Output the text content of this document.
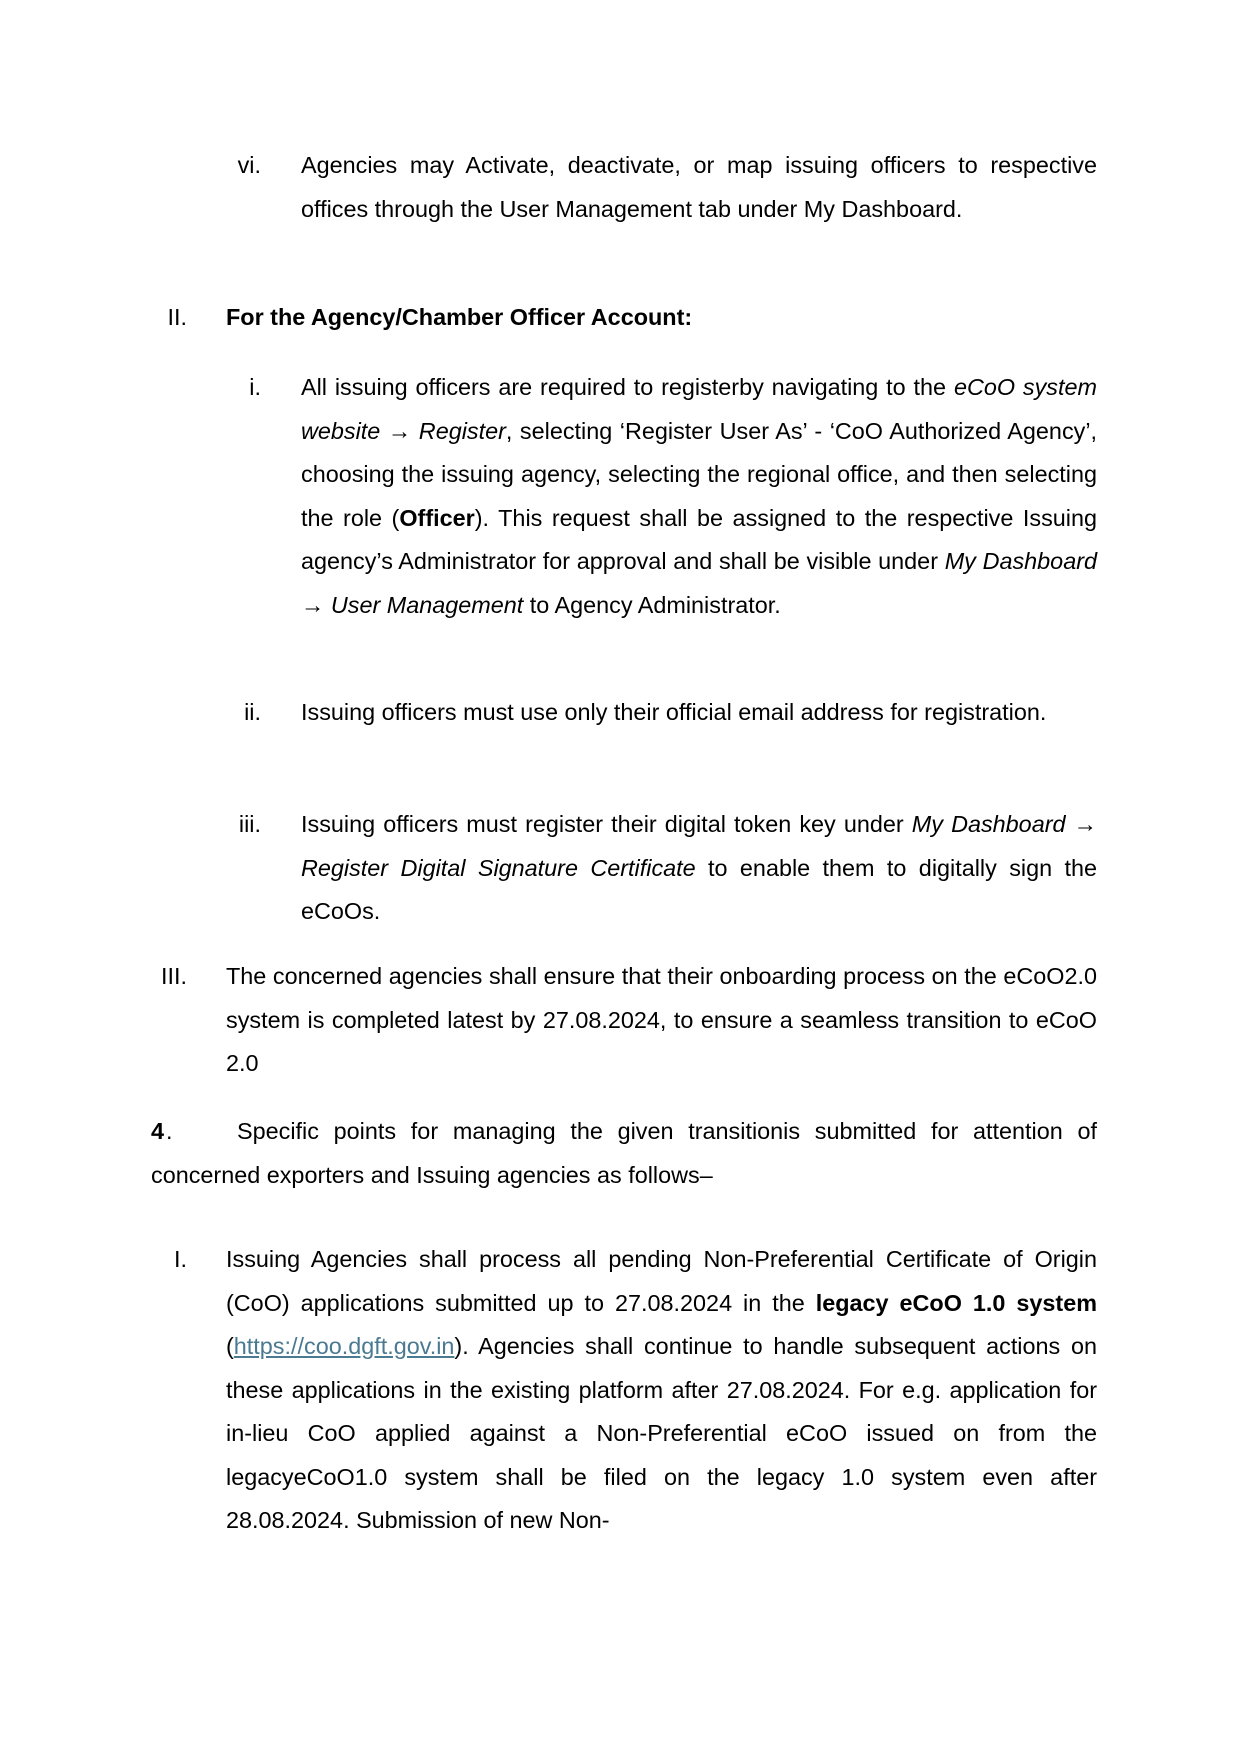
vi. Agencies may Activate, deactivate, or map issuing officers to respective offices through the User Management tab under My Dashboard.
II. For the Agency/Chamber Officer Account:
i. All issuing officers are required to registerby navigating to the eCoO system website → Register, selecting ‘Register User As’ - ‘CoO Authorized Agency’, choosing the issuing agency, selecting the regional office, and then selecting the role (Officer). This request shall be assigned to the respective Issuing agency’s Administrator for approval and shall be visible under My Dashboard → User Management to Agency Administrator.
ii. Issuing officers must use only their official email address for registration.
iii. Issuing officers must register their digital token key under My Dashboard → Register Digital Signature Certificate to enable them to digitally sign the eCoOs.
III. The concerned agencies shall ensure that their onboarding process on the eCoO2.0 system is completed latest by 27.08.2024, to ensure a seamless transition to eCoO 2.0
4 .	Specific points for managing the given transitionis submitted for attention of concerned exporters and Issuing agencies as follows–
I. Issuing Agencies shall process all pending Non-Preferential Certificate of Origin (CoO) applications submitted up to 27.08.2024 in the legacy eCoO 1.0 system (https://coo.dgft.gov.in). Agencies shall continue to handle subsequent actions on these applications in the existing platform after 27.08.2024. For e.g. application for in-lieu CoO applied against a Non-Preferential eCoO issued on from the legacyeCoO1.0 system shall be filed on the legacy 1.0 system even after 28.08.2024. Submission of new Non-
